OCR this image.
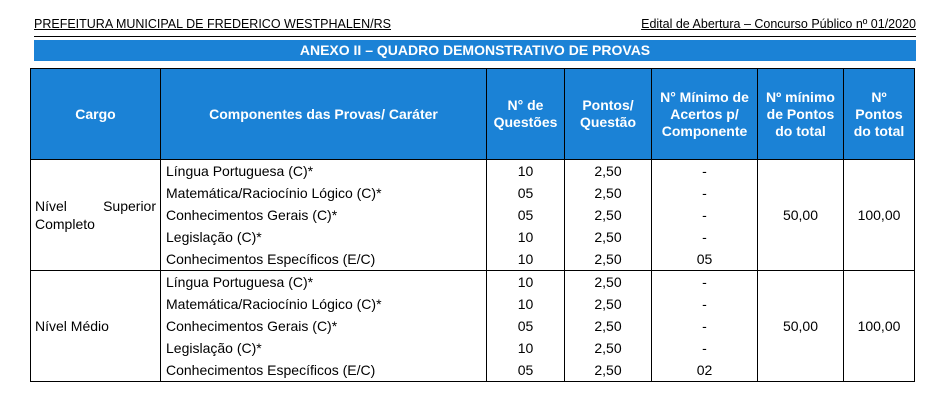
PREFEITURA MUNICIPAL DE FREDERICO WESTPHALEN/RS	Edital de Abertura – Concurso Público nº 01/2020
ANEXO II – QUADRO DEMONSTRATIVO DE PROVAS
Cargo	Componentes das Provas/ Caráter	N° de Questões	Pontos/ Questão	N° Mínimo de Acertos p/ Componente	Nº mínimo de Pontos do total	Nº Pontos do total
Nível Superior Completo	Língua Portuguesa (C)*	10	2,50	-	50,00	100,00
	Matemática/Raciocínio Lógico (C)*	05	2,50	-		
	Conhecimentos Gerais (C)*	05	2,50	-		
	Legislação (C)*	10	2,50	-		
	Conhecimentos Específicos (E/C)	10	2,50	05		
Nível Médio	Língua Portuguesa (C)*	10	2,50	-	50,00	100,00
	Matemática/Raciocínio Lógico (C)*	10	2,50	-		
	Conhecimentos Gerais (C)*	05	2,50	-		
	Legislação (C)*	10	2,50	-		
	Conhecimentos Específicos (E/C)	05	2,50	02		
